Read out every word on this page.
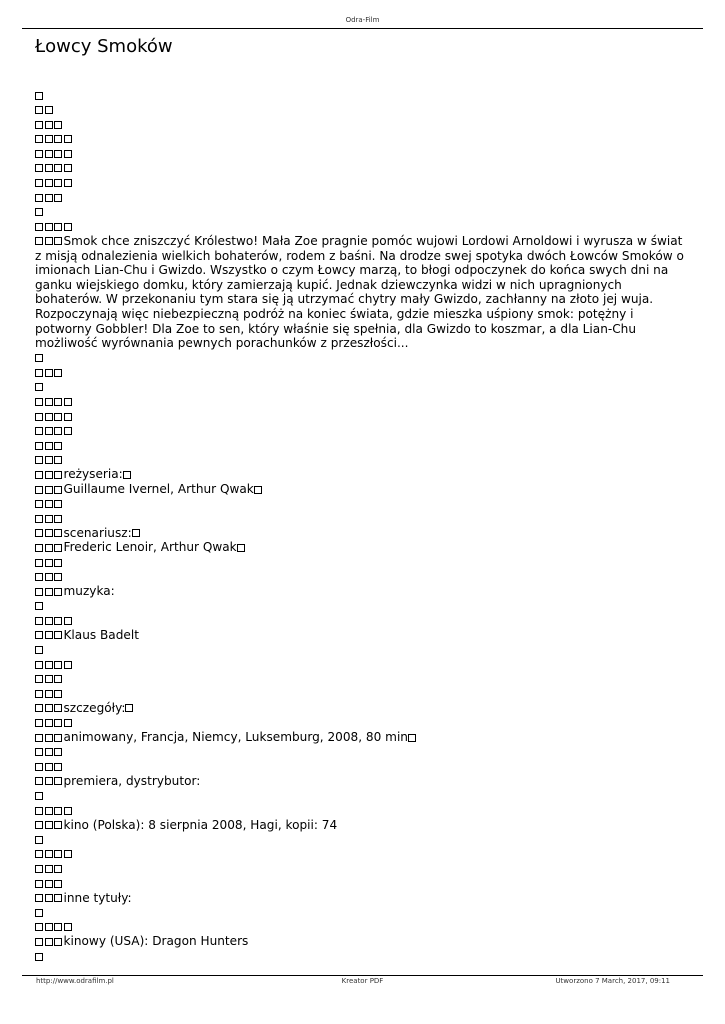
Odra-Film
Łowcy Smoków
Smok chce zniszczyć Królestwo! Mała Zoe pragnie pomóc wujowi Lordowi Arnoldowi i wyrusza w świat z misją odnalezienia wielkich bohaterów, rodem z baśni. Na drodze swej spotyka dwóch Łowców Smoków o imionach Lian-Chu i Gwizdo. Wszystko o czym Łowcy marzą, to błogi odpoczynek do końca swych dni na ganku wiejskiego domku, który zamierzają kupić. Jednak dziewczynka widzi w nich upragnionych bohaterów. W przekonaniu tym stara się ją utrzymać chytry mały Gwizdo, zachłanny na złoto jej wuja. Rozpoczynają więc niebezpieczną podróż na koniec świata, gdzie mieszka uśpiony smok: potężny i potworny Gobbler! Dla Zoe to sen, który właśnie się spełnia, dla Gwizdo to koszmar, a dla Lian-Chu możliwość wyrównania pewnych porachunków z przeszłości...
reżyseria:
Guillaume Ivernel, Arthur Qwak
scenariusz:
Frederic Lenoir, Arthur Qwak
muzyka:
Klaus Badelt
szczegóły:
animowany, Francja, Niemcy, Luksemburg, 2008, 80 min
premiera, dystrybutor:
kino (Polska): 8 sierpnia 2008, Hagi, kopii: 74
inne tytuły:
kinowy (USA): Dragon Hunters
http://www.odrafilm.pl	Kreator PDF	Utworzono 7 March, 2017, 09:11
